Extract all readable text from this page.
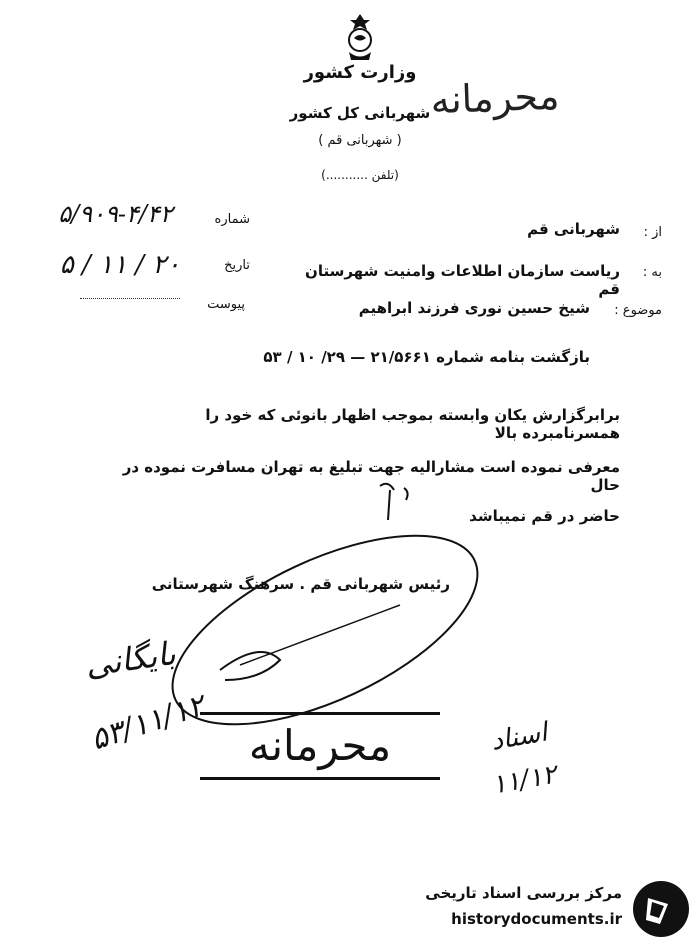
وزارت کشور
شهربانی کل کشور
( شهربانی قم )
(تلفن ...........)
محرمانه
شماره
۵/۹۰۹-۴/۴۲
تاریخ
۵ / ۱۱ / ۲۰
پیوست
از :
شهربانی قم
به :
ریاست سازمان اطلاعات وامنیت شهرستان قم
موضوع :
شیخ حسین نوری فرزند ابراهیم
بازگشت بنامه شماره ۲۱/۵۶۶۱ — ۲۹/ ۱۰ / ۵۳
برابرگزارش یکان وابسته بموجب اظهار بانوئی که خود را همسرنامبرده بالا
معرفی نموده است مشارالیه جهت تبلیغ به تهران مسافرت نموده در حال
حاضر در قم نمیباشد
رئیس شهربانی قم . سرهنگ شهرستانی
بایگانی
۵۳/۱۱/۱۲ محرمانه	اسناد
۱۱/۱۲
مرکز بررسی اسناد تاریخی
historydocuments.ir
